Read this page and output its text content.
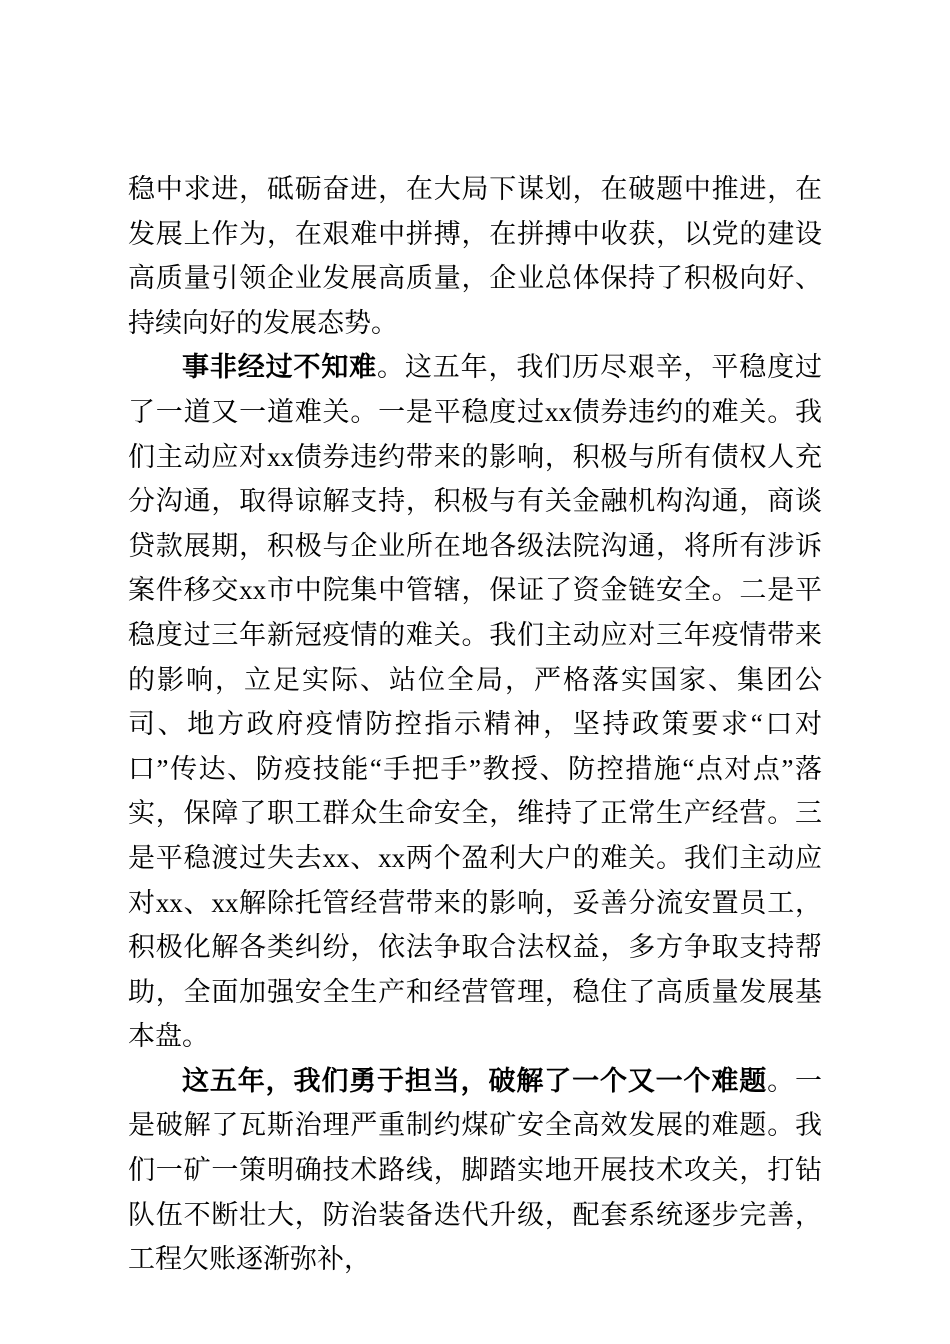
稳中求进，砥砺奋进，在大局下谋划，在破题中推进，在发展上作为，在艰难中拼搏，在拼搏中收获，以党的建设高质量引领企业发展高质量，企业总体保持了积极向好、持续向好的发展态势。

事非经过不知难。这五年，我们历尽艰辛，平稳度过了一道又一道难关。一是平稳度过xx债券违约的难关。我们主动应对xx债券违约带来的影响，积极与所有债权人充分沟通，取得谅解支持，积极与有关金融机构沟通，商谈贷款展期，积极与企业所在地各级法院沟通，将所有涉诉案件移交xx市中院集中管辖，保证了资金链安全。二是平稳度过三年新冠疫情的难关。我们主动应对三年疫情带来的影响，立足实际、站位全局，严格落实国家、集团公司、地方政府疫情防控指示精神，坚持政策要求“口对口”传达、防疫技能“手把手”教授、防控措施“点对点”落实，保障了职工群众生命安全，维持了正常生产经营。三是平稳渡过失去xx、xx两个盈利大户的难关。我们主动应对xx、xx解除托管经营带来的影响，妥善分流安置员工，积极化解各类纠纷，依法争取合法权益，多方争取支持帮助，全面加强安全生产和经营管理，稳住了高质量发展基本盘。

这五年，我们勇于担当，破解了一个又一个难题。一是破解了瓦斯治理严重制约煤矿安全高效发展的难题。我们一矿一策明确技术路线，脚踏实地开展技术攻关，打钻队伍不断壮大，防治装备迭代升级，配套系统逐步完善，工程欠账逐渐弥补，
